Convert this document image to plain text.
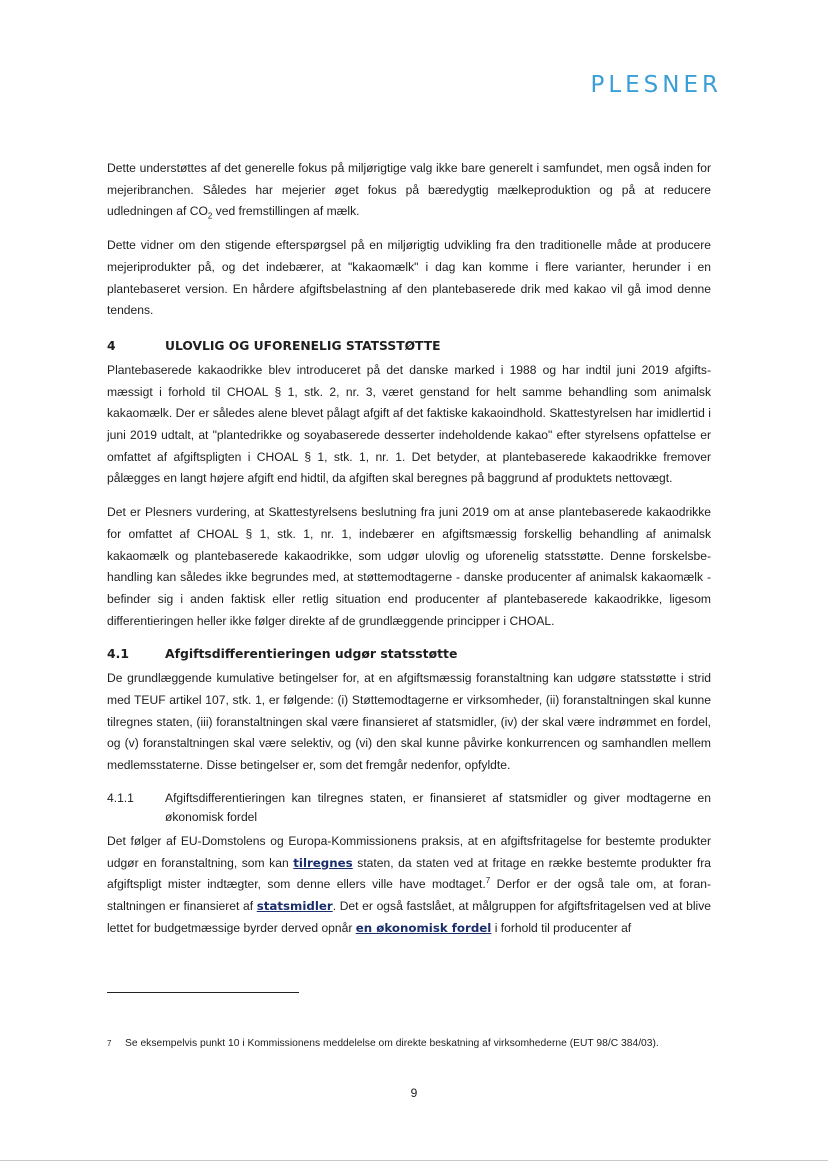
PLESNER

Dette understøttes af det generelle fokus på miljørigtige valg ikke bare generelt i samfundet, men også inden for mejeribranchen. Således har mejerier øget fokus på bæredygtig mælkeproduktion og på at reducere udledningen af $CO_2$ ved fremstillingen af mælk.

Dette vidner om den stigende efterspørgsel på en miljørigtig udvikling fra den traditionelle måde at producere mejeriprodukter på, og det indebærer, at "kakaomælk" i dag kan komme i flere varianter, herunder i en plantebaseret version. En hårdere afgiftsbelastning af den plantebaserede drik med kakao vil gå imod denne tendens.

4	ULOVLIG OG UFORENELIG STATSSTØTTE

Plantebaserede kakaodrikke blev introduceret på det danske marked i 1988 og har indtil juni 2019 afgiftsmæssigt i forhold til CHOAL § 1, stk. 2, nr. 3, været genstand for helt samme behandling som animalsk kakaomælk. Der er således alene blevet pålagt afgift af det faktiske kakaoindhold. Skattestyrelsen har imidlertid i juni 2019 udtalt, at "plantedrikke og soyabaserede desserter indeholdende kakao" efter styrelsens opfattelse er omfattet af afgiftspligten i CHOAL § 1, stk. 1, nr. 1. Det betyder, at plantebaserede kakaodrikke fremover pålægges en langt højere afgift end hidtil, da afgiften skal beregnes på baggrund af produktets nettovægt.

Det er Plesners vurdering, at Skattestyrelsens beslutning fra juni 2019 om at anse plantebaserede kakaodrikke for omfattet af CHOAL § 1, stk. 1, nr. 1, indebærer en afgiftsmæssig forskellig behandling af animalsk kakaomælk og plantebaserede kakaodrikke, som udgør ulovlig og uforenelig statsstøtte. Denne forskelsbehandling kan således ikke begrundes med, at støttemodtagerne - danske producenter af animalsk kakaomælk - befinder sig i anden faktisk eller retlig situation end producenter af plantebaserede kakaodrikke, ligesom differentieringen heller ikke følger direkte af de grundlæggende principper i CHOAL.

4.1	Afgiftsdifferentieringen udgør statsstøtte

De grundlæggende kumulative betingelser for, at en afgiftsmæssig foranstaltning kan udgøre statsstøtte i strid med TEUF artikel 107, stk. 1, er følgende: (i) Støttemodtagerne er virksomheder, (ii) foranstaltningen skal kunne tilregnes staten, (iii) foranstaltningen skal være finansieret af statsmidler, (iv) der skal være indrømmet en fordel, og (v) foranstaltningen skal være selektiv, og (vi) den skal kunne påvirke konkurrencen og samhandlen mellem medlemsstaterne. Disse betingelser er, som det fremgår nedenfor, opfyldte.

4.1.1	Afgiftsdifferentieringen kan tilregnes staten, er finansieret af statsmidler og giver modtagerne en økonomisk fordel

Det følger af EU-Domstolens og Europa-Kommissionens praksis, at en afgiftsfritagelse for bestemte produkter udgør en foranstaltning, som kan tilregnes staten, da staten ved at fritage en række bestemte produkter fra afgiftspligt mister indtægter, som denne ellers ville have modtaget.$^7$ Derfor er der også tale om, at foranstaltningen er finansieret af statsmidler. Det er også fastslået, at målgruppen for afgiftsfritagelsen ved at blive lettet for budgetmæssige byrder derved opnår en økonomisk fordel i forhold til producenter af

7	Se eksempelvis punkt 10 i Kommissionens meddelelse om direkte beskatning af virksomhederne (EUT 98/C 384/03).
9
